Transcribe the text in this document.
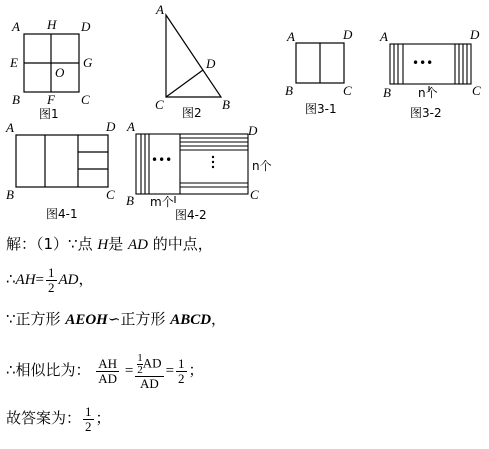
A H D
E
O
G
B F C
图1
A
D
C	B
图2
A	D
B	C
图3-1
A	D
B	C
•••
n个
图3-2
A	D
B	C
图4-1
A	D
B	C
•••	n个
m个
图4-2
解：（1）∵点 H是 AD 的中点，
∴AH= $\frac{1}{2}$ AD，
∵正方形 AEOH∽正方形 ABCD，
∴相似比为： $\frac{AH}{AD} = \frac{\frac{1}{2} AD}{AD} = \frac{1}{2}$ ；
故答案为： $\frac{1}{2}$ ；
